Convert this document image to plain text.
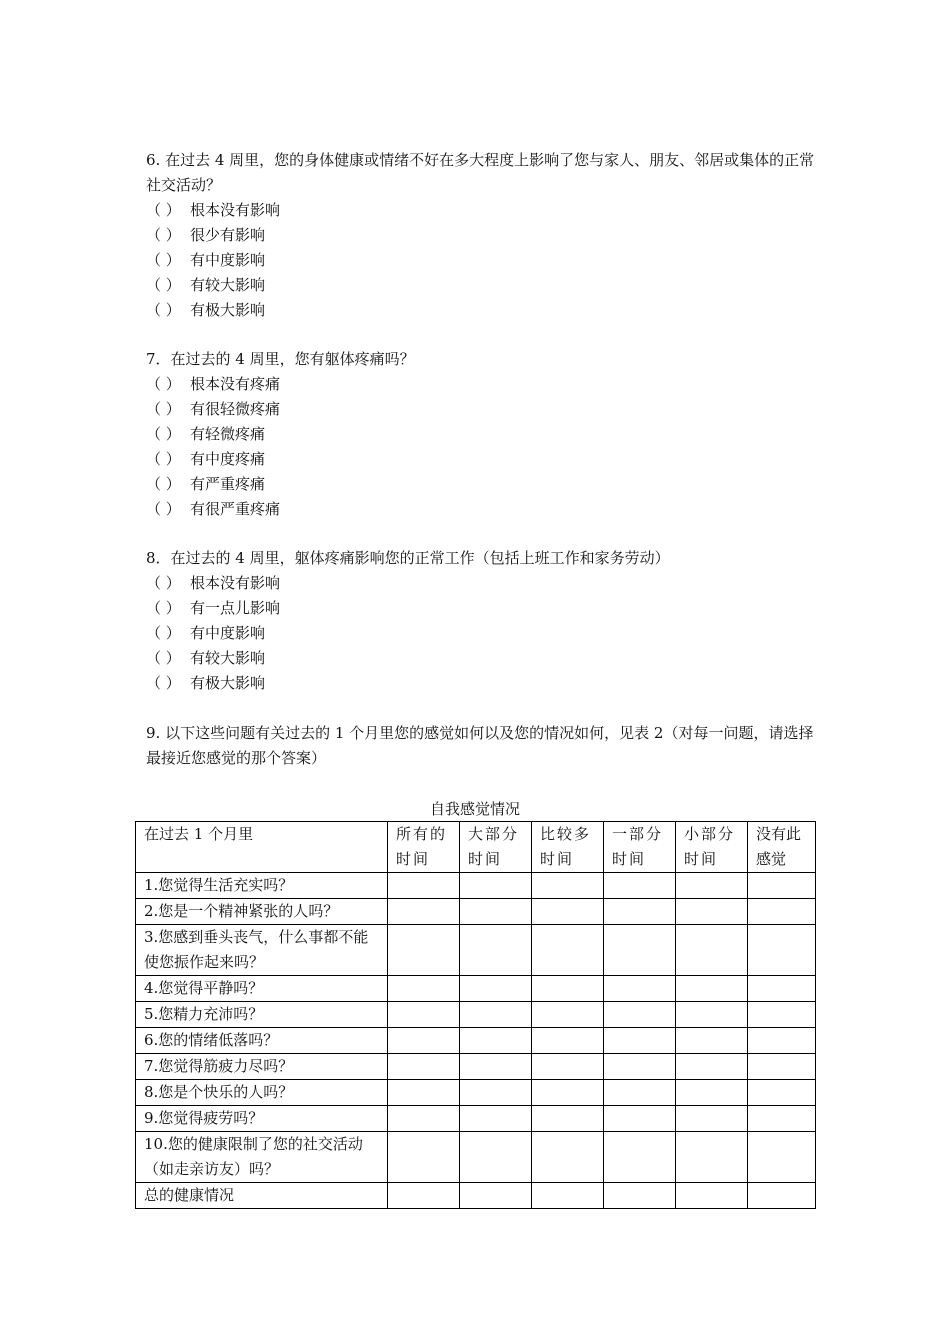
6. 在过去 4 周里，您的身体健康或情绪不好在多大程度上影响了您与家人、朋友、邻居或集体的正常社交活动？
（ ） 根本没有影响
（ ） 很少有影响
（ ） 有中度影响
（ ） 有较大影响
（ ） 有极大影响
7．在过去的 4 周里，您有躯体疼痛吗？
（ ） 根本没有疼痛
（ ） 有很轻微疼痛
（ ） 有轻微疼痛
（ ） 有中度疼痛
（ ） 有严重疼痛
（ ） 有很严重疼痛
8．在过去的 4 周里，躯体疼痛影响您的正常工作（包括上班工作和家务劳动）
（ ） 根本没有影响
（ ） 有一点儿影响
（ ） 有中度影响
（ ） 有较大影响
（ ） 有极大影响
9. 以下这些问题有关过去的 1 个月里您的感觉如何以及您的情况如何，见表 2（对每一问题，请选择最接近您感觉的那个答案）
自我感觉情况
在过去 1 个月里	所有的时间	大部分时间	比较多时间	一部分时间	小部分时间	没有此感觉
1.您觉得生活充实吗？						
2.您是一个精神紧张的人吗？						
3.您感到垂头丧气，什么事都不能使您振作起来吗？						
4.您觉得平静吗？						
5.您精力充沛吗？						
6.您的情绪低落吗？						
7.您觉得筋疲力尽吗？						
8.您是个快乐的人吗？						
9.您觉得疲劳吗？						
10.您的健康限制了您的社交活动（如走亲访友）吗？						
总的健康情况						
